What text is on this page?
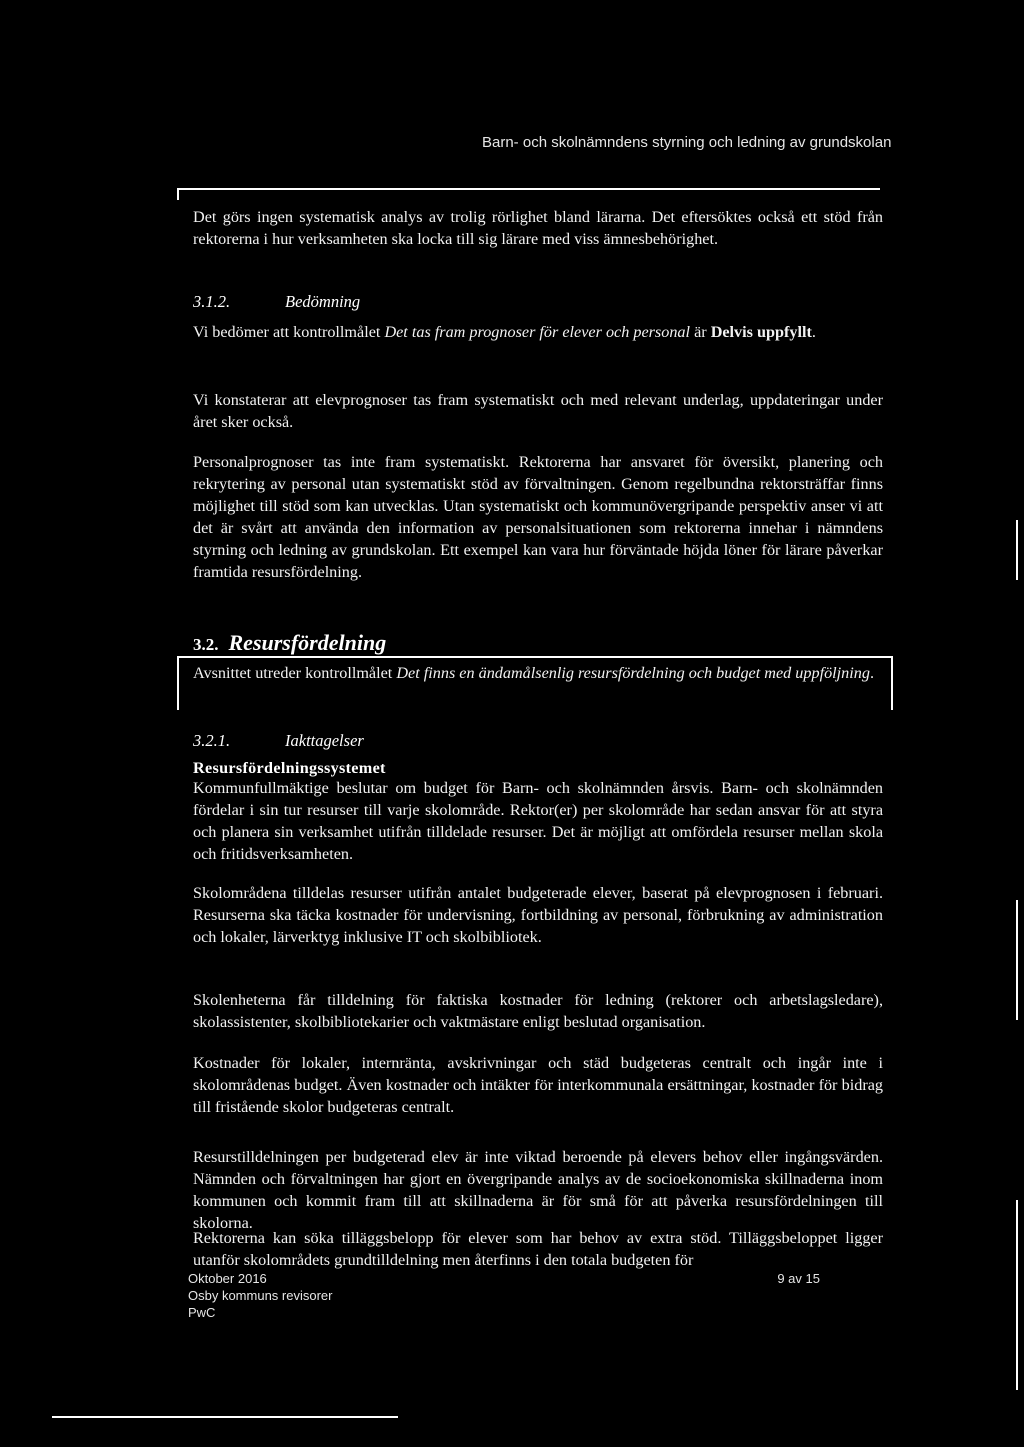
Barn- och skolnämndens styrning och ledning av grundskolan

Det görs ingen systematisk analys av trolig rörlighet bland lärarna. Det eftersöktes också ett stöd från rektorerna i hur verksamheten ska locka till sig lärare med viss ämnesbehörighet.

3.1.2.	Bedömning

Vi bedömer att kontrollmålet Det tas fram prognoser för elever och personal är Delvis uppfyllt.

Vi konstaterar att elevprognoser tas fram systematiskt och med relevant underlag, uppdateringar under året sker också.

Personalprognoser tas inte fram systematiskt. Rektorerna har ansvaret för översikt, planering och rekrytering av personal utan systematiskt stöd av förvaltningen. Genom regelbundna rektorsträffar finns möjlighet till stöd som kan utvecklas. Utan systematiskt och kommunövergripande perspektiv anser vi att det är svårt att använda den information av personalsituationen som rektorerna innehar i nämndens styrning och ledning av grundskolan. Ett exempel kan vara hur förväntade höjda löner för lärare påverkar framtida resursfördelning.

3.2. Resursfördelning
Avsnittet utreder kontrollmålet Det finns en ändamålsenlig resursfördelning och budget med uppföljning.
3.2.1.	Iakttagelser
Resursfördelningssystemet

Kommunfullmäktige beslutar om budget för Barn- och skolnämnden årsvis. Barn- och skolnämnden fördelar i sin tur resurser till varje skolområde. Rektor(er) per skolområde har sedan ansvar för att styra och planera sin verksamhet utifrån tilldelade resurser. Det är möjligt att omfördela resurser mellan skola och fritidsverksamheten.

Skolområdena tilldelas resurser utifrån antalet budgeterade elever, baserat på elevprognosen i februari. Resurserna ska täcka kostnader för undervisning, fortbildning av personal, förbrukning av administration och lokaler, lärverktyg inklusive IT och skolbibliotek.

Skolenheterna får tilldelning för faktiska kostnader för ledning (rektorer och arbetslagsledare), skolassistenter, skolbibliotekarier och vaktmästare enligt beslutad organisation.

Kostnader för lokaler, internränta, avskrivningar och städ budgeteras centralt och ingår inte i skolområdenas budget. Även kostnader och intäkter för interkommunala ersättningar, kostnader för bidrag till fristående skolor budgeteras centralt.

Resurstilldelningen per budgeterad elev är inte viktad beroende på elevers behov eller ingångsvärden. Nämnden och förvaltningen har gjort en övergripande analys av de socioekonomiska skillnaderna inom kommunen och kommit fram till att skillnaderna är för små för att påverka resursfördelningen till skolorna.

Rektorerna kan söka tilläggsbelopp för elever som har behov av extra stöd. Tilläggsbeloppet ligger utanför skolområdets grundtilldelning men återfinns i den totala budgeten för

Oktober 2016
Osby kommuns revisorer
PwC
9 av 15
